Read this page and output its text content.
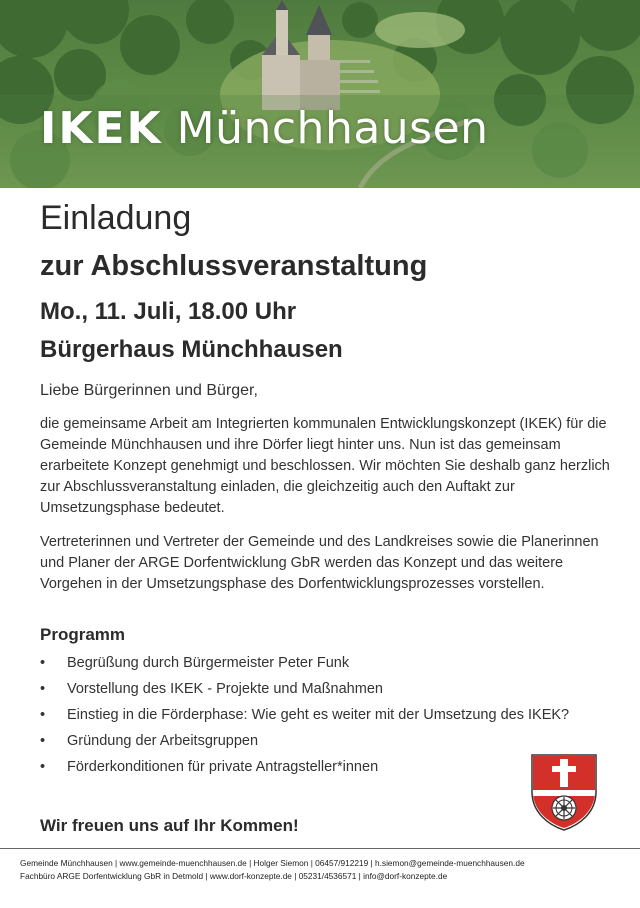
IKEK Münchhausen
Einladung
zur Abschlussveranstaltung
Mo., 11. Juli, 18.00 Uhr
Bürgerhaus Münchhausen
Liebe Bürgerinnen und Bürger,
die gemeinsame Arbeit am Integrierten kommunalen Entwicklungskonzept (IKEK) für die Gemeinde Münchhausen und ihre Dörfer liegt hinter uns. Nun ist das gemeinsam erarbeitete Konzept genehmigt und beschlossen. Wir möchten Sie deshalb ganz herzlich zur Abschlussveranstaltung einladen, die gleichzeitig auch den Auftakt zur Umsetzungsphase bedeutet.
Vertreterinnen und Vertreter der Gemeinde und des Landkreises sowie die Planerinnen und Planer der ARGE Dorfentwicklung GbR werden das Konzept und das weitere Vorgehen in der Umsetzungsphase des Dorfentwicklungsprozesses vorstellen.
Programm
•	Begrüßung durch Bürgermeister Peter Funk
•	Vorstellung des IKEK - Projekte und Maßnahmen
•	Einstieg in die Förderphase: Wie geht es weiter mit der Umsetzung des IKEK?
•	Gründung der Arbeitsgruppen
•	Förderkonditionen für private Antragsteller*innen
Wir freuen uns auf Ihr Kommen!
Gemeinde Münchhausen | www.gemeinde-muenchhausen.de | Holger Siemon | 06457/912219 | h.siemon@gemeinde-muenchhausen.de
Fachbüro ARGE Dorfentwicklung GbR in Detmold | www.dorf-konzepte.de | 05231/4536571 | info@dorf-konzepte.de
